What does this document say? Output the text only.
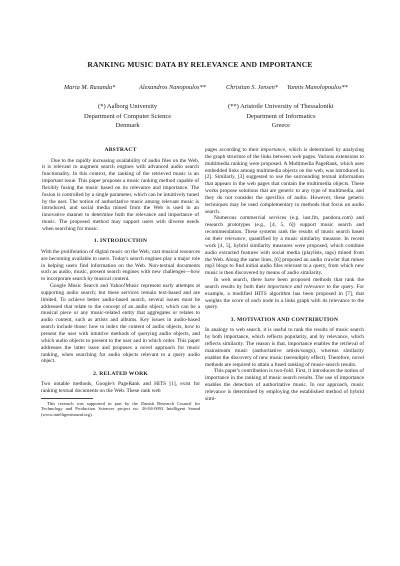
RANKING MUSIC DATA BY RELEVANCE AND IMPORTANCE
Maria M. Ruxanda*	Alexandros Nanopoulos**	Christian S. Jensen* Yannis Manolopoulos**
(*) Aalborg University
Department of Computer Science
Denmark
(**) Aristotle University of Thessaloniki
Department of Informatics
Greece
ABSTRACT

Due to the rapidly increasing availability of audio files on the Web, it is relevant to augment search engines with advanced audio search functionality. In this context, the ranking of the retrieved music is an important issue. This paper proposes a music ranking method capable of flexibly fusing the music based on its relevance and importance. The fusion is controlled by a single parameter, which can be intuitively tuned by the user. The notion of authoritative music among relevant music is introduced, and social media mined from the Web is used in an innovative manner to determine both the relevance and importance of music. The proposed method may support users with diverse needs when searching for music.

1. INTRODUCTION

With the proliferation of digital music on the Web, vast musical resources are becoming available to users. Today's search engines play a major role in helping users find information on the Web. Non-textual documents such as audio, music, present search engines with new challenges—how to incorporate search by musical content.

Google Music Search and Yahoo!Music represent early attempts at supporting audio search; but these services remain text-based and are limited. To achieve better audio-based search, several issues must be addressed that relate to the concept of an audio object, which can be a musical piece or any music-related entity that aggregates or relates to audio content, such as artists and albums. Key issues in audio-based search include those: how to index the content of audio objects, how to present the user with intuitive methods of querying audio objects, and which audio objects to present to the user and in which order. This paper addresses the latter issue and proposes a novel approach for music ranking, when searching for audio objects relevant to a query audio object.

2. RELATED WORK

Two notable methods, Google's PageRank and HITS [1], exist for ranking textual documents on the Web. These rank web

This research was supported in part by the Danish Research Council for Technology and Production Sciences project no. 26-04-0092 Intelligent Sound (www.intelligentsound.org).

pages according to their importance, which is determined by analyzing the graph structure of the links between web pages. Various extensions to multimedia ranking were proposed. A Multimedia PageRank, which uses embedded links among multimedia objects on the web, was introduced in [2]. Similarly, [3] suggested to use the surrounding textual information that appears in the web pages that contain the multimedia objects. These works propose solutions that are generic to any type of multimedia, and they do not consider the specifics of audio. However, these generic techniques may be used complementary to methods that focus on audio search.

Numerous commercial services (e.g. last.fm, pandora.com) and research prototypes (e.g., [4, 5, 6]) support music search and recommendation. These systems rank the results of music search based on their relevance, quantified by a music similarity measure. In recent work [4, 5], hybrid similarity measures were proposed, which combine audio extracted features with social media (playlists, tags) mined from the Web. Along the same lines, [6] proposed an audio crawler that mines mp3 blogs to find initial audio files relevant to a query, from which new music is then discovered by means of audio similarity.

In web search, there have been proposed methods that rank the search results by both their importance and relevance to the query. For example, a modified HITS algorithm has been proposed in [7], that weights the score of each node in a links graph with its relevance to the query.

3. MOTIVATION AND CONTRIBUTION

In analogy to web search, it is useful to rank the results of music search by both importance, which reflects popularity, and by relevance, which reflects similarity. The reason is that, importance enables the retrieval of mainstream music (authoritative artists/songs), whereas similarity enables the discovery of new music (serendipity effect). Therefore, novel methods are required to attain a fused ranking of music-search results.

This paper's contribution is two-fold. First, it introduces the notion of importance in the ranking of music search results. The use of importance enables the detection of authoritative music. In our approach, music relevance is determined by employing the established method of hybrid simi-
